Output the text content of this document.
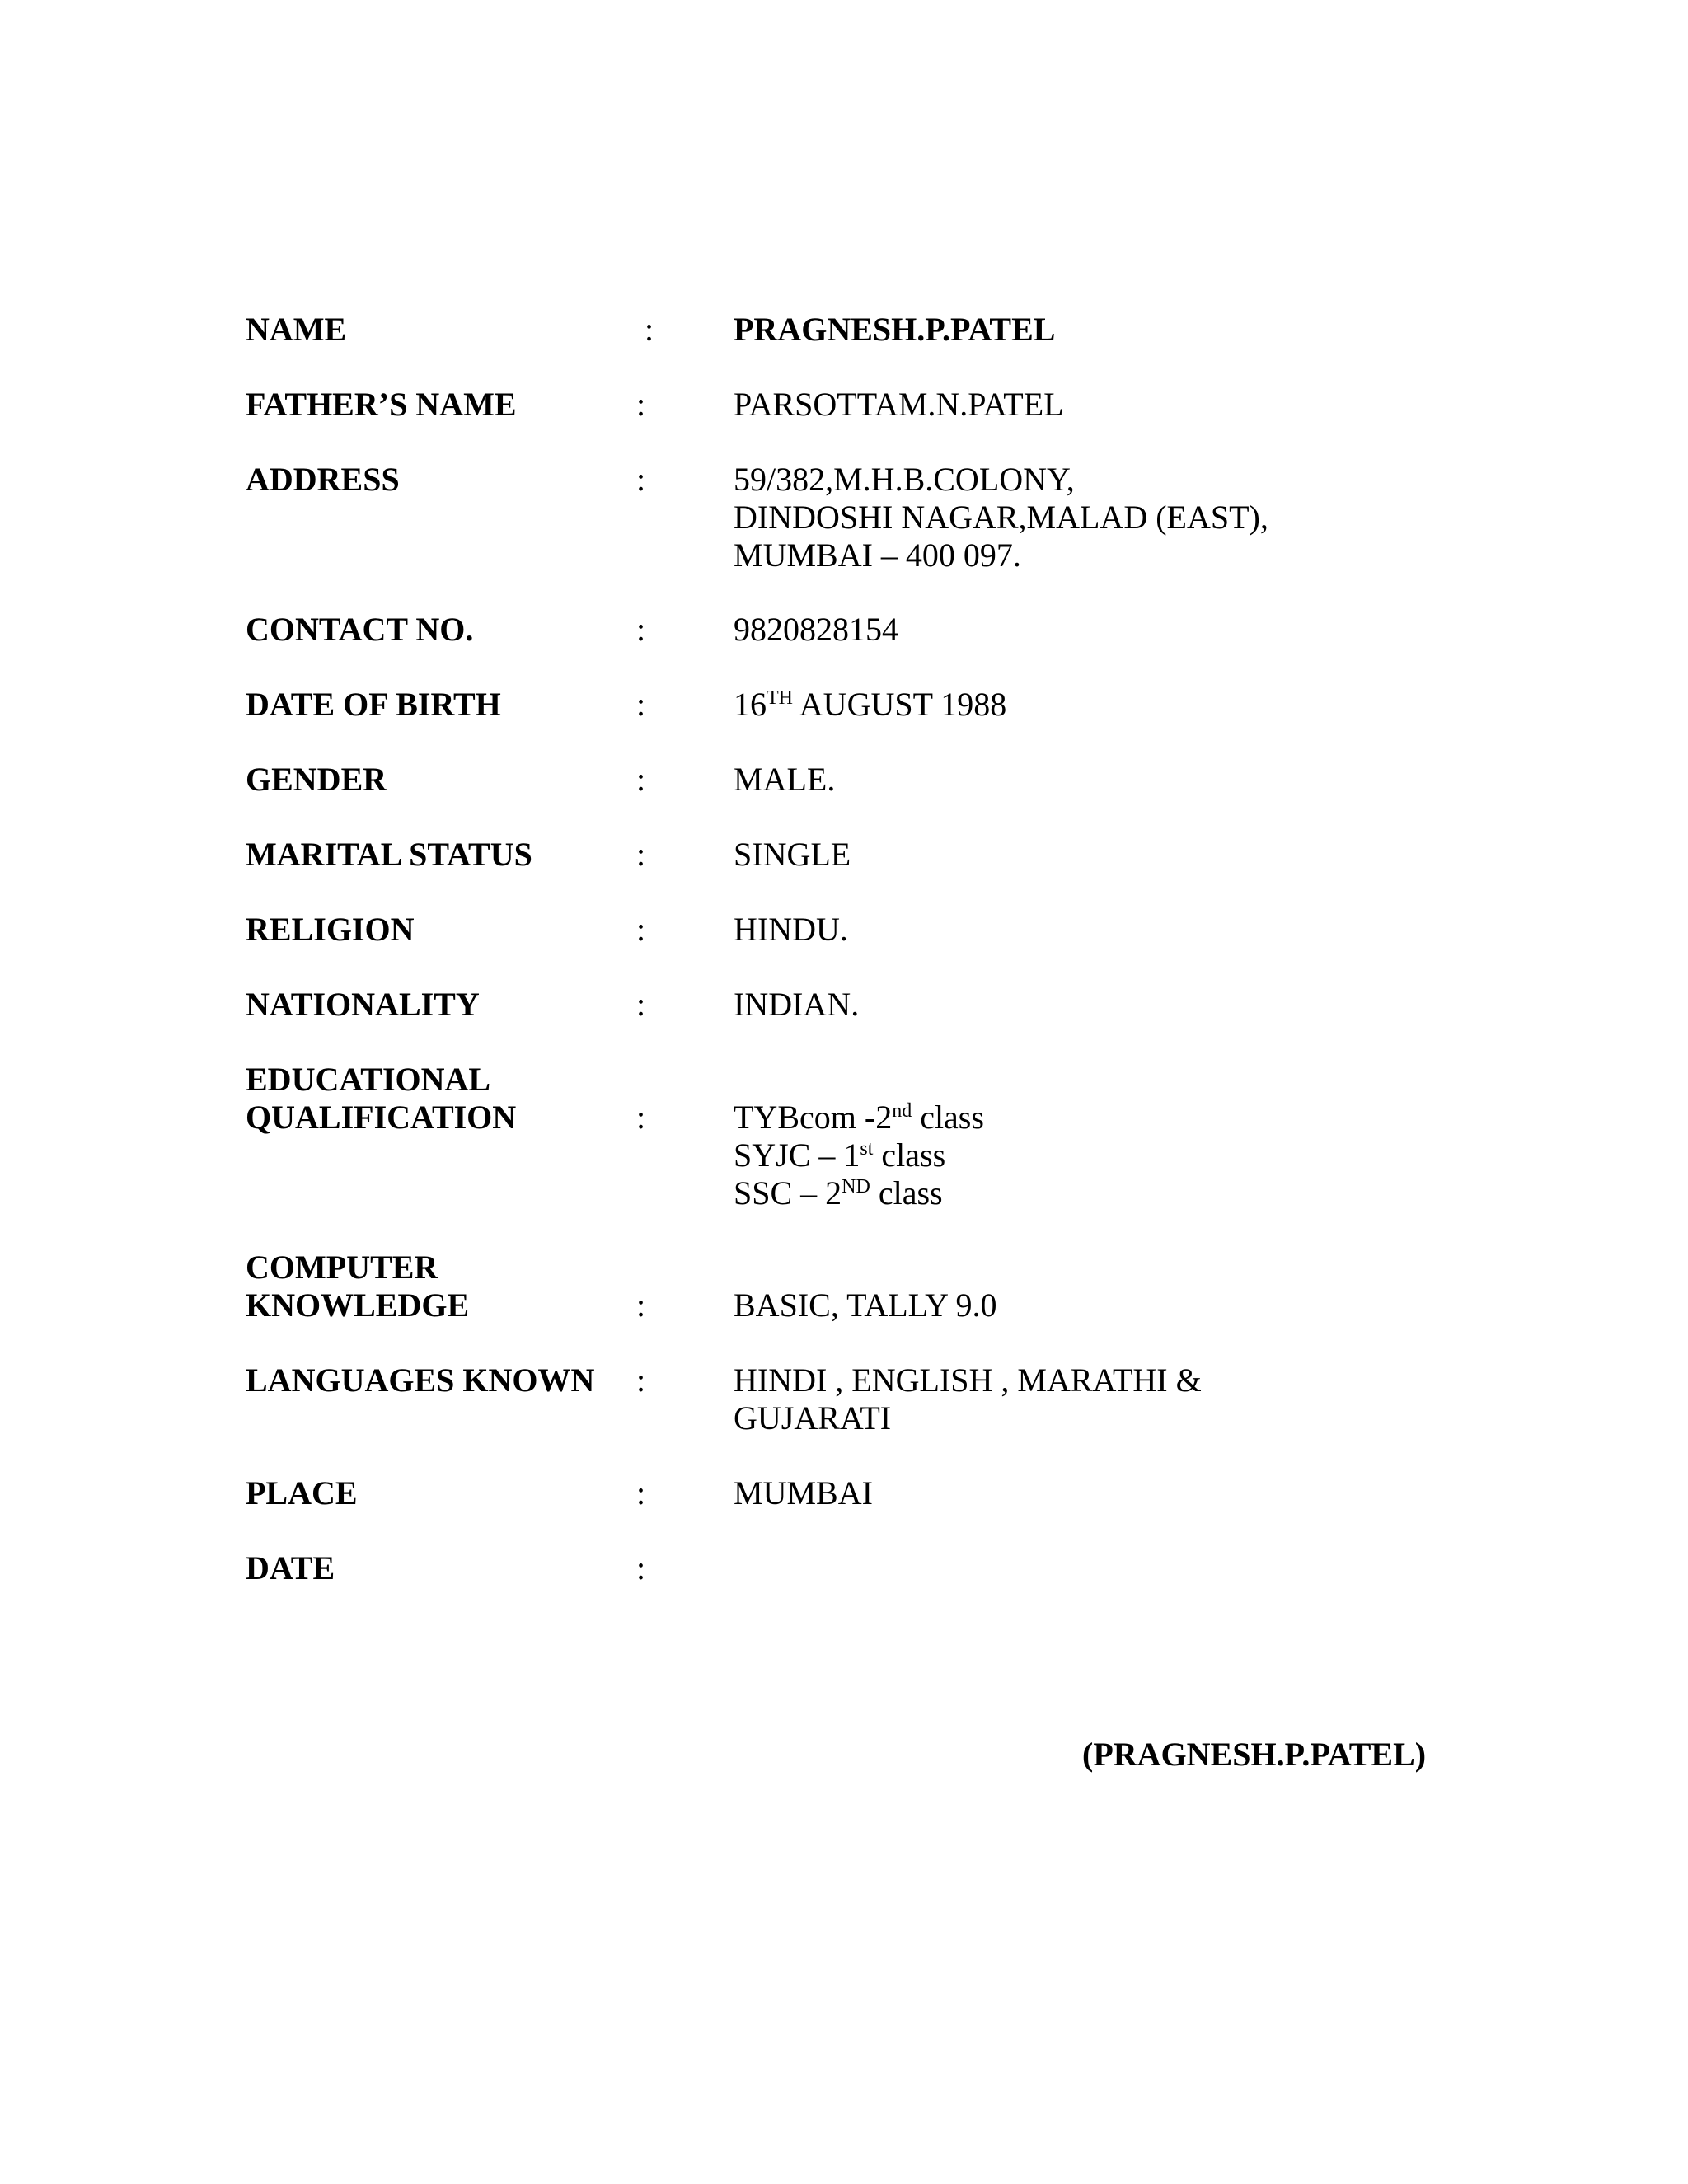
NAME	: PRAGNESH.P.PATEL
FATHER’S NAME	:	PARSOTTAM.N.PATEL
ADDRESS	:	59/382,M.H.B.COLONY,
DINDOSHI NAGAR,MALAD (EAST),
MUMBAI – 400 097.
CONTACT NO.	:	9820828154
DATE OF BIRTH	:	16TH AUGUST 1988
GENDER	:	MALE.
MARITAL STATUS	:	SINGLE
RELIGION	:	HINDU.
NATIONALITY	:	INDIAN.
EDUCATIONAL
QUALIFICATION	:	TYBcom -2nd class
SYJC – 1st class
SSC – 2ND class
COMPUTER
KNOWLEDGE	:	BASIC, TALLY 9.0
LANGUAGES KNOWN :	HINDI , ENGLISH , MARATHI &
GUJARATI
PLACE	:	MUMBAI
DATE	:
(PRAGNESH.P.PATEL)
